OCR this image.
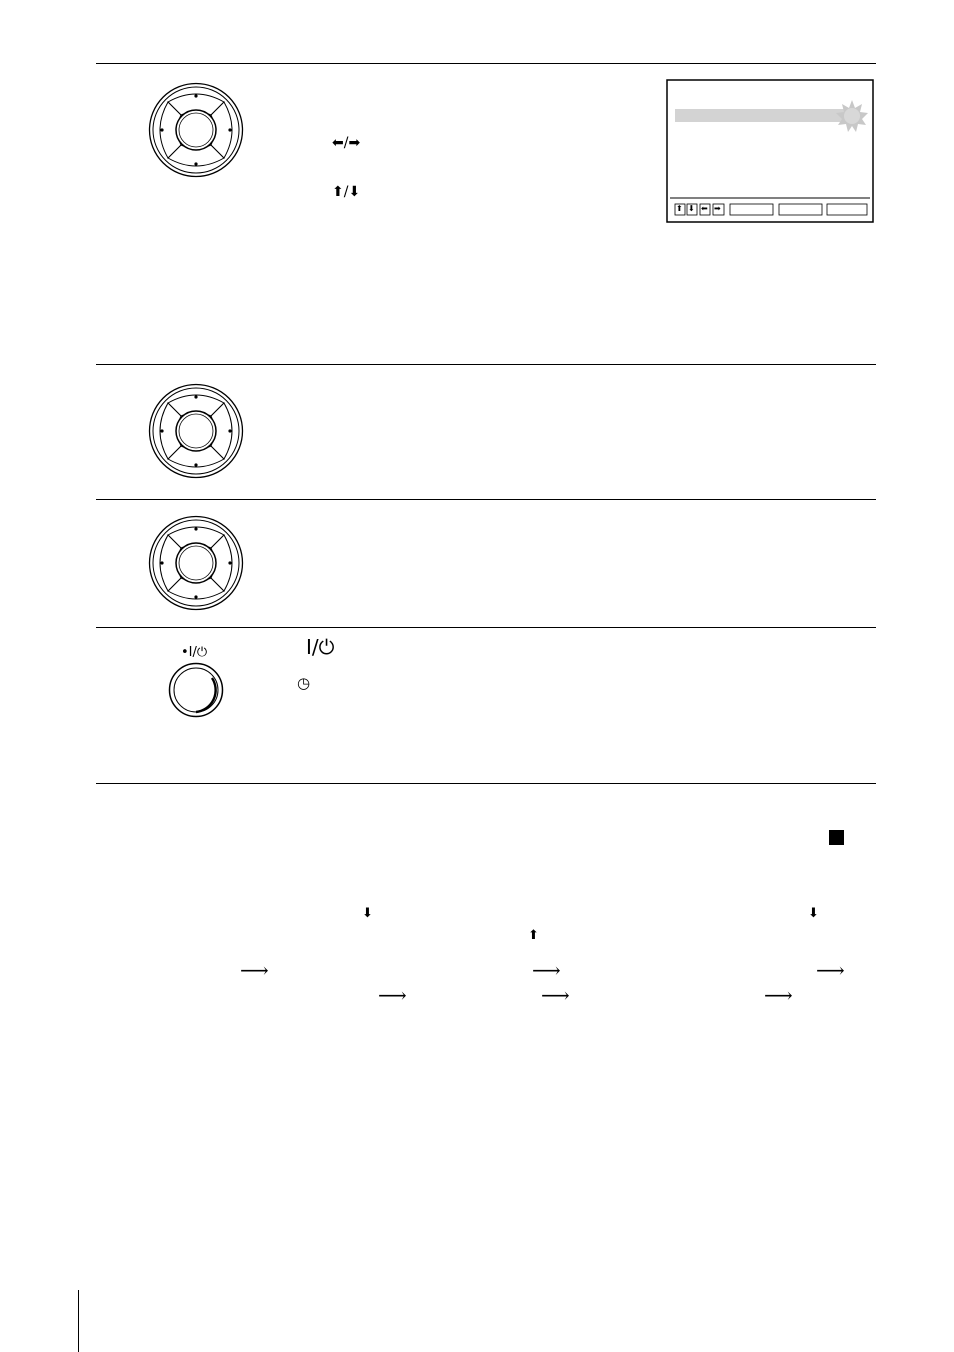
⬅/➡
⬆/⬇
⬆ ⬇ ⬅ ➡
•I/⏻	I/⏻
◷
⬇	⬇
⬆
⟶	⟶	⟶
⟶	⟶	⟶
